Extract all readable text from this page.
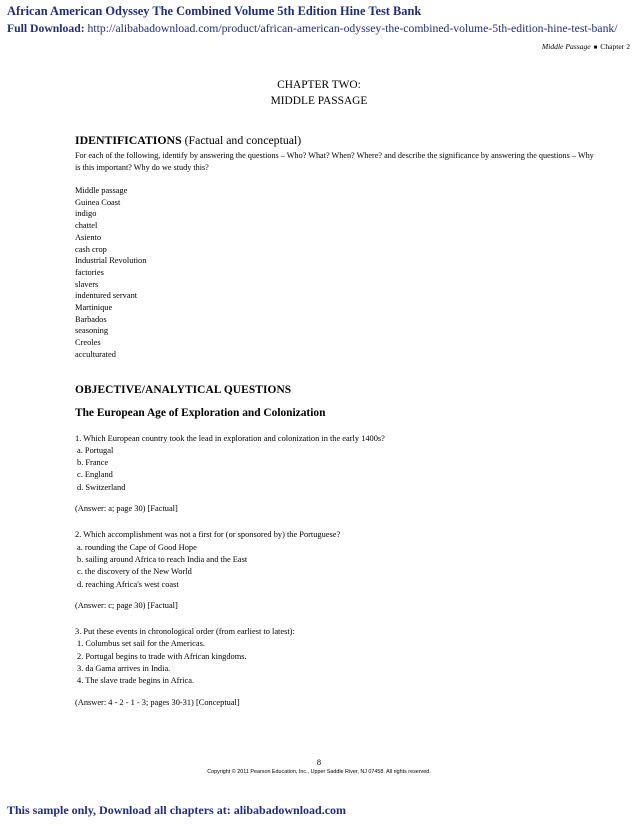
African American Odyssey The Combined Volume 5th Edition Hine Test Bank
Full Download: http://alibabadownload.com/product/african-american-odyssey-the-combined-volume-5th-edition-hine-test-bank/
Middle Passage ■ Chapter 2
CHAPTER TWO:
MIDDLE PASSAGE
IDENTIFICATIONS (Factual and conceptual)
For each of the following, identify by answering the questions – Who? What? When? Where? and describe the significance by answering the questions – Why is this important? Why do we study this?
Middle passage
Guinea Coast
indigo
chattel
Asiento
cash crop
Industrial Revolution
factories
slavers
indentured servant
Martinique
Barbados
seasoning
Creoles
acculturated
OBJECTIVE/ANALYTICAL QUESTIONS
The European Age of Exploration and Colonization

1. Which European country took the lead in exploration and colonization in the early 1400s?

a. Portugal
b. France
c. England
d. Switzerland

(Answer: a; page 30) [Factual]

2. Which accomplishment was not a first for (or sponsored by) the Portuguese?

a. rounding the Cape of Good Hope
b. sailing around Africa to reach India and the East
c. the discovery of the New World
d. reaching Africa's west coast

(Answer: c; page 30) [Factual]

3. Put these events in chronological order (from earliest to latest):

1. Columbus set sail for the Americas.
2. Portugal begins to trade with African kingdoms.
3. da Gama arrives in India.
4. The slave trade begins in Africa.

(Answer: 4 - 2 - 1 - 3; pages 30-31) [Conceptual]

8
Copyright © 2011 Pearson Education, Inc., Upper Saddle River, NJ 07458. All rights reserved.
This sample only, Download all chapters at: alibabadownload.com
